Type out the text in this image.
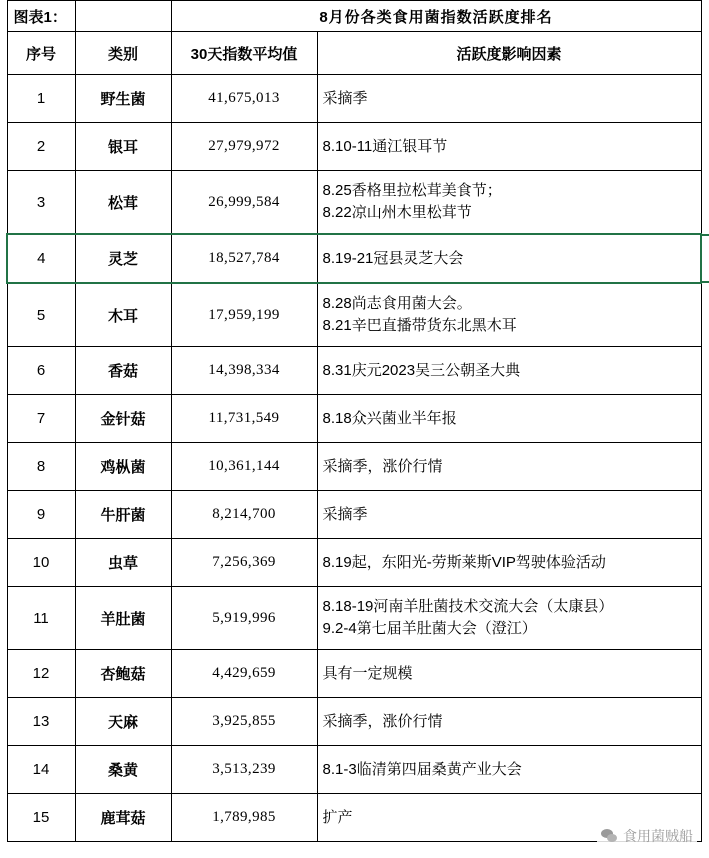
图表1：		8月份各类食用菌指数活跃度排名	
序号	类别	30天指数平均值	活跃度影响因素
1	野生菌	41,675,013	采摘季

2	银耳	27,979,972	8.10-11通江银耳节

3	松茸	26,999,584	8.25香格里拉松茸美食节；
8.22凉山州木里松茸节

4	灵芝	18,527,784	8.19-21冠县灵芝大会

5	木耳	17,959,199	8.28尚志食用菌大会。
8.21辛巴直播带货东北黑木耳

6	香菇	14,398,334	8.31庆元2023吴三公朝圣大典

7	金针菇	11,731,549	8.18众兴菌业半年报

8	鸡枞菌	10,361,144	采摘季，涨价行情

9	牛肝菌	8,214,700	采摘季

10	虫草	7,256,369	8.19起，东阳光-劳斯莱斯VIP驾驶体验活动

11	羊肚菌	5,919,996	8.18-19河南羊肚菌技术交流大会（太康县）
9.2-4第七届羊肚菌大会（澄江）

12	杏鲍菇	4,429,659	具有一定规模

13	天麻	3,925,855	采摘季，涨价行情

14	桑黄	3,513,239	8.1-3临清第四届桑黄产业大会

15	鹿茸菇	1,789,985	扩产
食用菌贼船
